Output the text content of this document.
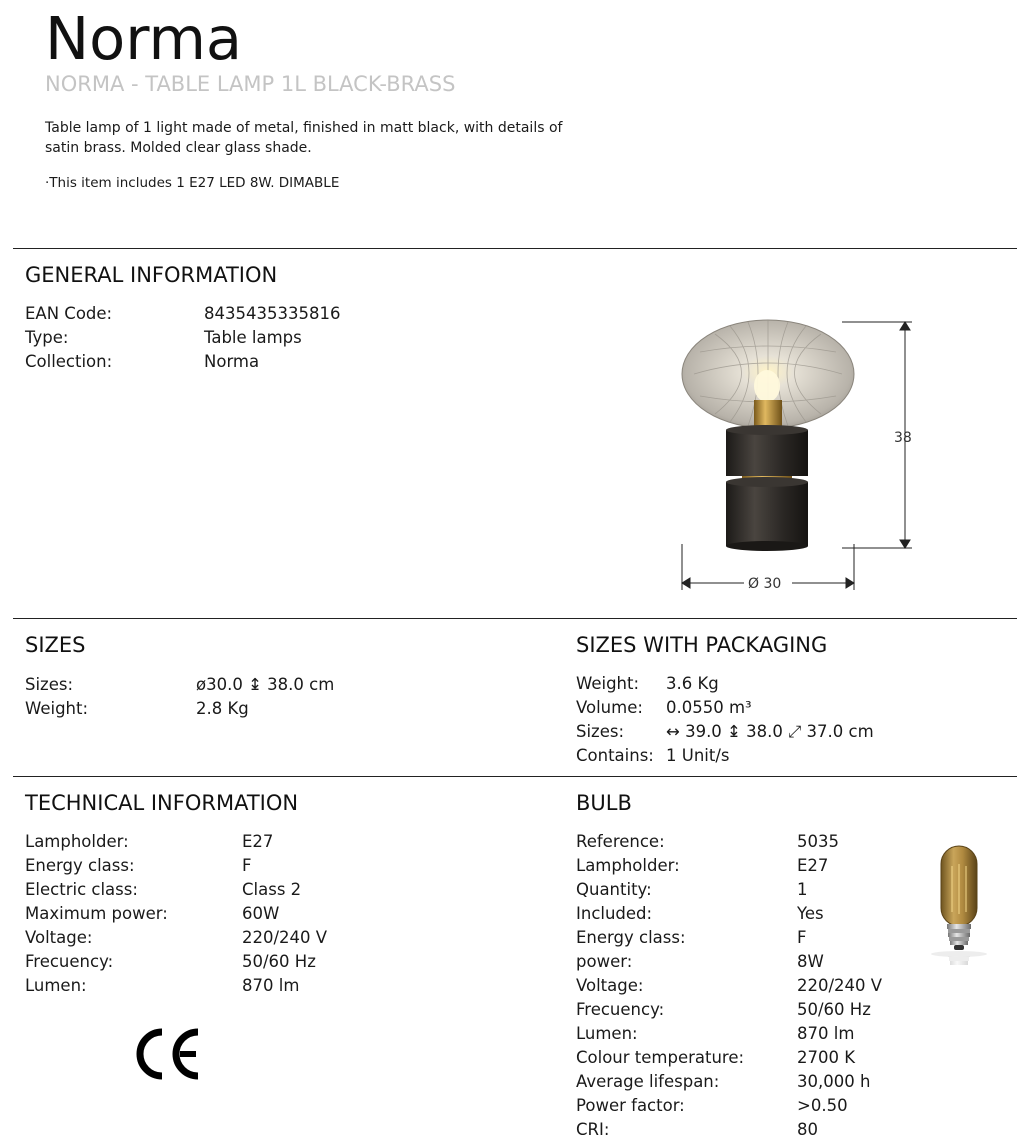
Norma
NORMA - TABLE LAMP 1L BLACK-BRASS
Table lamp of 1 light made of metal, finished in matt black, with details of satin brass. Molded clear glass shade.
·This item includes 1 E27 LED 8W. DIMABLE
GENERAL INFORMATION
EAN Code:	8435435335816
Type:	Table lamps
Collection:	Norma
38
Ø 30
SIZES
Sizes:	ø30.0 ↨ 38.0 cm
Weight:	2.8 Kg
SIZES WITH PACKAGING
Weight: 3.6 Kg
Volume: 0.0550 m³
Sizes:	↔ 39.0 ↨ 38.0 ⤢ 37.0 cm
Contains: 1 Unit/s
TECHNICAL INFORMATION
Lampholder:	E27
Energy class:	F
Electric class:	Class 2
Maximum power:	60W
Voltage:	220/240 V
Frecuency:	50/60 Hz
Lumen:	870 lm
BULB
Reference:	5035
Lampholder:	E27
Quantity:	1
Included:	Yes
Energy class:	F
power:	8W
Voltage:	220/240 V
Frecuency:	50/60 Hz
Lumen:	870 lm
Colour temperature:	2700 K
Average lifespan:	30,000 h
Power factor:	>0.50
CRI:	80
